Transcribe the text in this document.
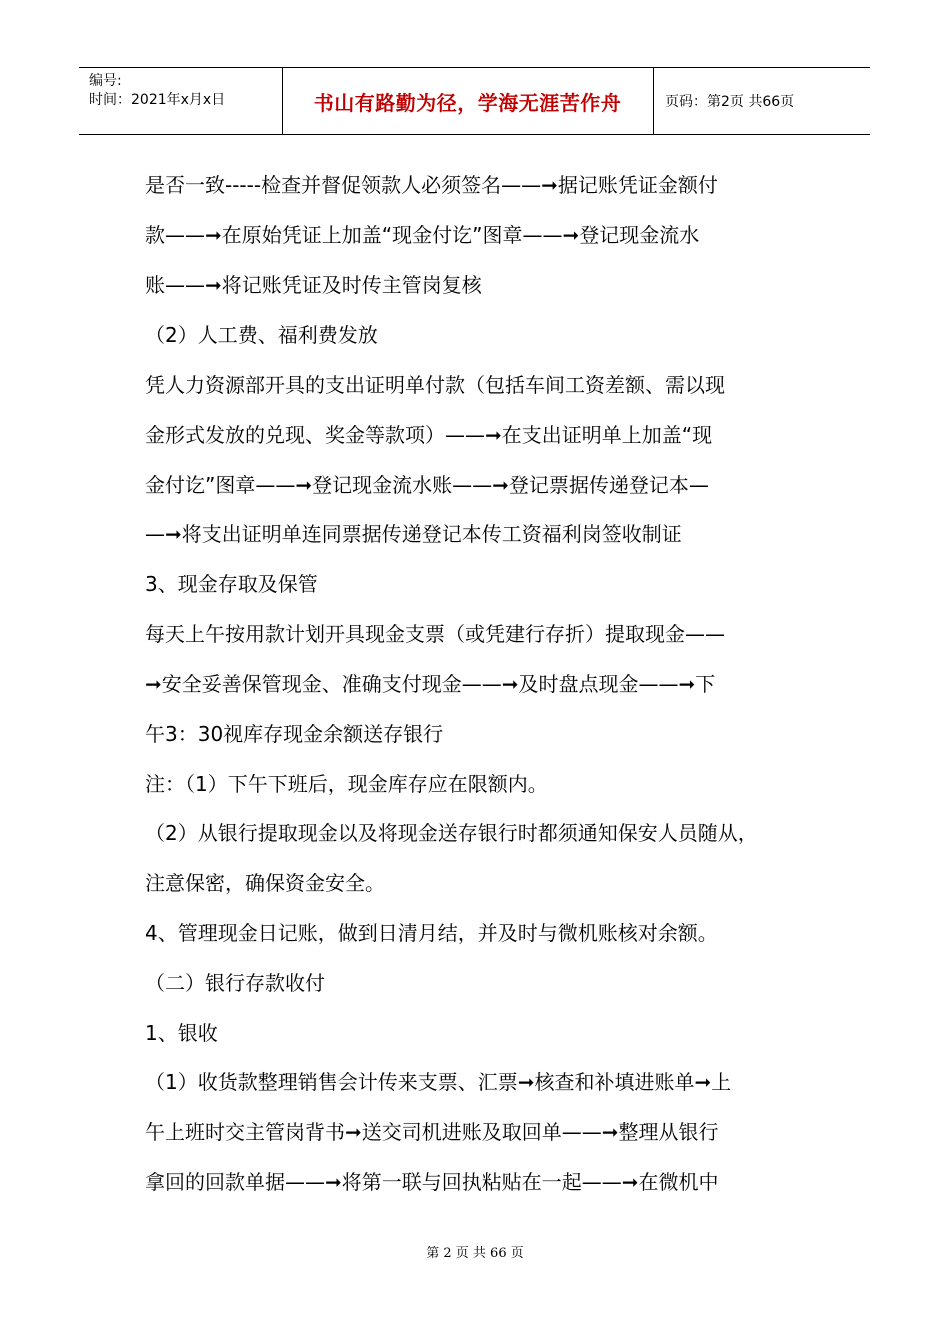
编号:
时间：2021年x月x日	书山有路勤为径，学海无涯苦作舟	页码：第2页 共66页
是否一致-----检查并督促领款人必须签名——➞据记账凭证金额付
款——➞在原始凭证上加盖“现金付讫”图章——➞登记现金流水
账——➞将记账凭证及时传主管岗复核
（2）人工费、福利费发放
凭人力资源部开具的支出证明单付款（包括车间工资差额、需以现
金形式发放的兑现、奖金等款项）——➞在支出证明单上加盖“现
金付讫”图章——➞登记现金流水账——➞登记票据传递登记本—
—➞将支出证明单连同票据传递登记本传工资福利岗签收制证
3、现金存取及保管
每天上午按用款计划开具现金支票（或凭建行存折）提取现金——
➞安全妥善保管现金、准确支付现金——➞及时盘点现金——➞下
午3：30视库存现金余额送存银行
注：（1）下午下班后，现金库存应在限额内。
（2）从银行提取现金以及将现金送存银行时都须通知保安人员随从，
注意保密，确保资金安全。
4、管理现金日记账，做到日清月结，并及时与微机账核对余额。
（二）银行存款收付
1、银收
（1）收货款整理销售会计传来支票、汇票➞核查和补填进账单➞上
午上班时交主管岗背书➞送交司机进账及取回单——➞整理从银行
拿回的回款单据——➞将第一联与回执粘贴在一起——➞在微机中
第 2 页 共 66 页
